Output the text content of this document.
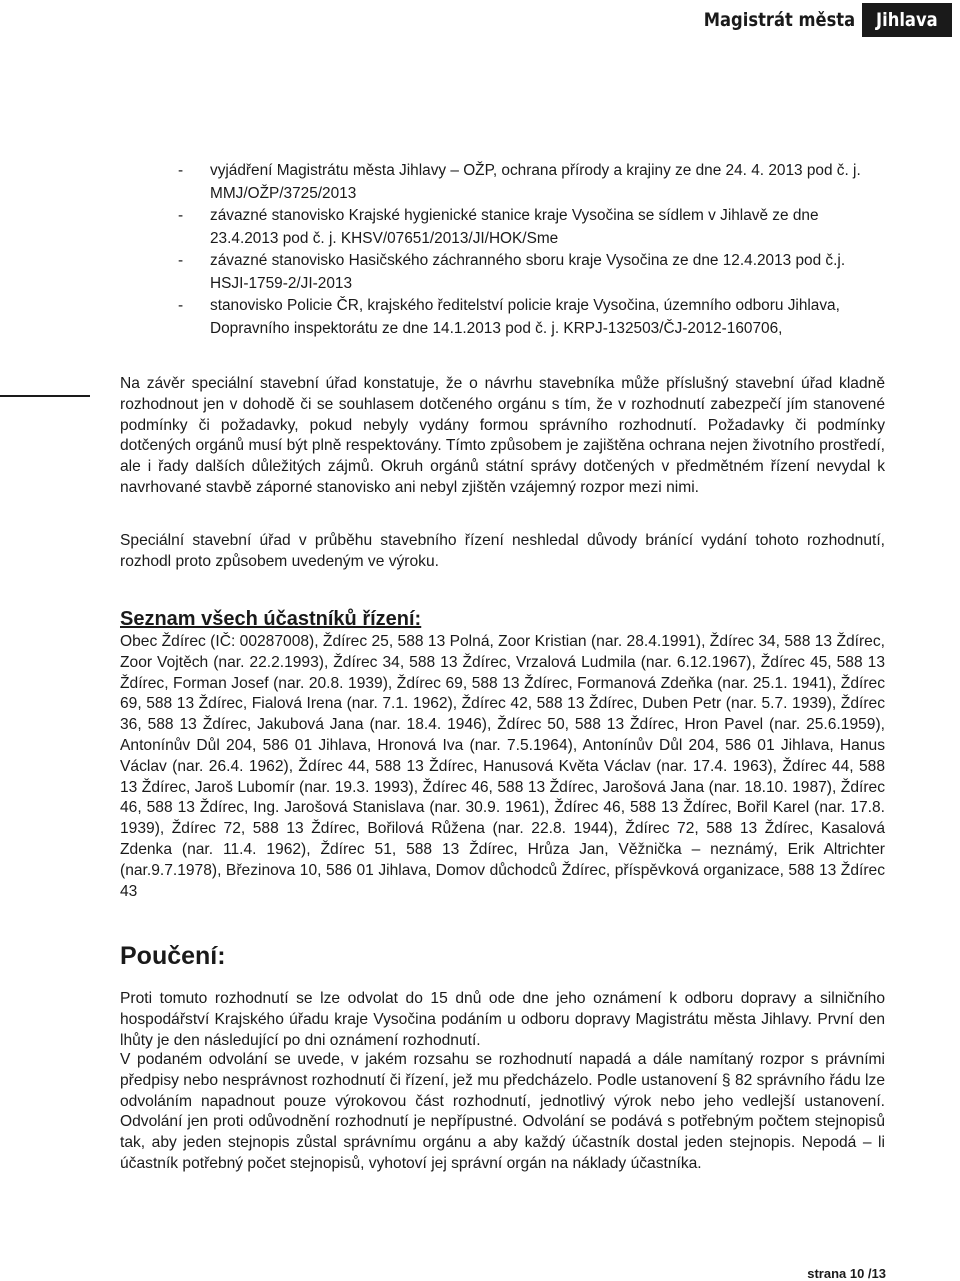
Magistrát města	Jihlava
- vyjádření Magistrátu města Jihlavy – OŽP, ochrana přírody a krajiny ze dne 24. 4. 2013 pod č. j. MMJ/OŽP/3725/2013
- závazné stanovisko Krajské hygienické stanice kraje Vysočina se sídlem v Jihlavě ze dne 23.4.2013 pod č. j. KHSV/07651/2013/JI/HOK/Sme
- závazné stanovisko Hasičského záchranného sboru kraje Vysočina ze dne 12.4.2013 pod č.j. HSJI-1759-2/JI-2013
- stanovisko Policie ČR, krajského ředitelství policie kraje Vysočina, územního odboru Jihlava, Dopravního inspektorátu ze dne 14.1.2013 pod č. j. KRPJ-132503/ČJ-2012-160706,

Na závěr speciální stavební úřad konstatuje, že o návrhu stavebníka může příslušný stavební úřad kladně rozhodnout jen v dohodě či se souhlasem dotčeného orgánu s tím, že v rozhodnutí zabezpečí jím stanovené podmínky či požadavky, pokud nebyly vydány formou správního rozhodnutí. Požadavky či podmínky dotčených orgánů musí být plně respektovány. Tímto způsobem je zajištěna ochrana nejen životního prostředí, ale i řady dalších důležitých zájmů. Okruh orgánů státní správy dotčených v předmětném řízení nevydal k navrhované stavbě záporné stanovisko ani nebyl zjištěn vzájemný rozpor mezi nimi.

Speciální stavební úřad v průběhu stavebního řízení neshledal důvody bránící vydání tohoto rozhodnutí, rozhodl proto způsobem uvedeným ve výroku.

Seznam všech účastníků řízení:

Obec Ždírec (IČ: 00287008), Ždírec 25, 588 13 Polná, Zoor Kristian (nar. 28.4.1991), Ždírec 34, 588 13 Ždírec, Zoor Vojtěch (nar. 22.2.1993), Ždírec 34, 588 13 Ždírec, Vrzalová Ludmila (nar. 6.12.1967), Ždírec 45, 588 13 Ždírec, Forman Josef (nar. 20.8. 1939), Ždírec 69, 588 13 Ždírec, Formanová Zdeňka (nar. 25.1. 1941), Ždírec 69, 588 13 Ždírec, Fialová Irena (nar. 7.1. 1962), Ždírec 42, 588 13 Ždírec, Duben Petr (nar. 5.7. 1939), Ždírec 36, 588 13 Ždírec, Jakubová Jana (nar. 18.4. 1946), Ždírec 50, 588 13 Ždírec, Hron Pavel (nar. 25.6.1959), Antonínův Důl 204, 586 01 Jihlava, Hronová Iva (nar. 7.5.1964), Antonínův Důl 204, 586 01 Jihlava, Hanus Václav (nar. 26.4. 1962), Ždírec 44, 588 13 Ždírec, Hanusová Květa Václav (nar. 17.4. 1963), Ždírec 44, 588 13 Ždírec, Jaroš Lubomír (nar. 19.3. 1993), Ždírec 46, 588 13 Ždírec, Jarošová Jana (nar. 18.10. 1987), Ždírec 46, 588 13 Ždírec, Ing. Jarošová Stanislava (nar. 30.9. 1961), Ždírec 46, 588 13 Ždírec, Bořil Karel (nar. 17.8. 1939), Ždírec 72, 588 13 Ždírec, Bořilová Růžena (nar. 22.8. 1944), Ždírec 72, 588 13 Ždírec, Kasalová Zdenka (nar. 11.4. 1962), Ždírec 51, 588 13 Ždírec, Hrůza Jan, Věžnička – neznámý, Erik Altrichter (nar.9.7.1978), Březinova 10, 586 01 Jihlava, Domov důchodců Ždírec, příspěvková organizace, 588 13 Ždírec 43

Poučení:

Proti tomuto rozhodnutí se lze odvolat do 15 dnů ode dne jeho oznámení k odboru dopravy a silničního hospodářství Krajského úřadu kraje Vysočina podáním u odboru dopravy Magistrátu města Jihlavy. První den lhůty je den následující po dni oznámení rozhodnutí.

V podaném odvolání se uvede, v jakém rozsahu se rozhodnutí napadá a dále namítaný rozpor s právními předpisy nebo nesprávnost rozhodnutí či řízení, jež mu předcházelo. Podle ustanovení § 82 správního řádu lze odvoláním napadnout pouze výrokovou část rozhodnutí, jednotlivý výrok nebo jeho vedlejší ustanovení. Odvolání jen proti odůvodnění rozhodnutí je nepřípustné. Odvolání se podává s potřebným počtem stejnopisů tak, aby jeden stejnopis zůstal správnímu orgánu a aby každý účastník dostal jeden stejnopis. Nepodá – li účastník potřebný počet stejnopisů, vyhotoví jej správní orgán na náklady účastníka.

strana 10 /13
